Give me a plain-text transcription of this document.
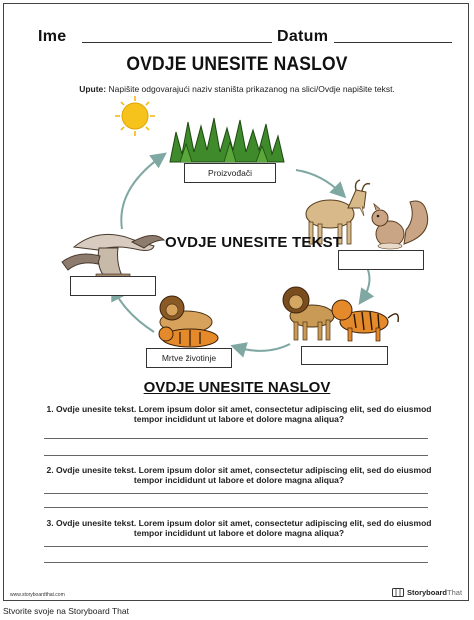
Ime	Datum
OVDJE UNESITE NASLOV
Upute: Napišite odgovarajući naziv staništa prikazanog na slici/Ovdje napišite tekst.
Proizvođači
Mrtve životinje
OVDJE UNESITE TEKST
OVDJE UNESITE NASLOV
1. Ovdje unesite tekst. Lorem ipsum dolor sit amet, consectetur adipiscing elit, sed do eiusmod tempor incididunt ut labore et dolore magna aliqua?
2. Ovdje unesite tekst. Lorem ipsum dolor sit amet, consectetur adipiscing elit, sed do eiusmod tempor incididunt ut labore et dolore magna aliqua?
3. Ovdje unesite tekst. Lorem ipsum dolor sit amet, consectetur adipiscing elit, sed do eiusmod tempor incididunt ut labore et dolore magna aliqua?
www.storyboardthat.com	StoryboardThat
Stvorite svoje na Storyboard That
